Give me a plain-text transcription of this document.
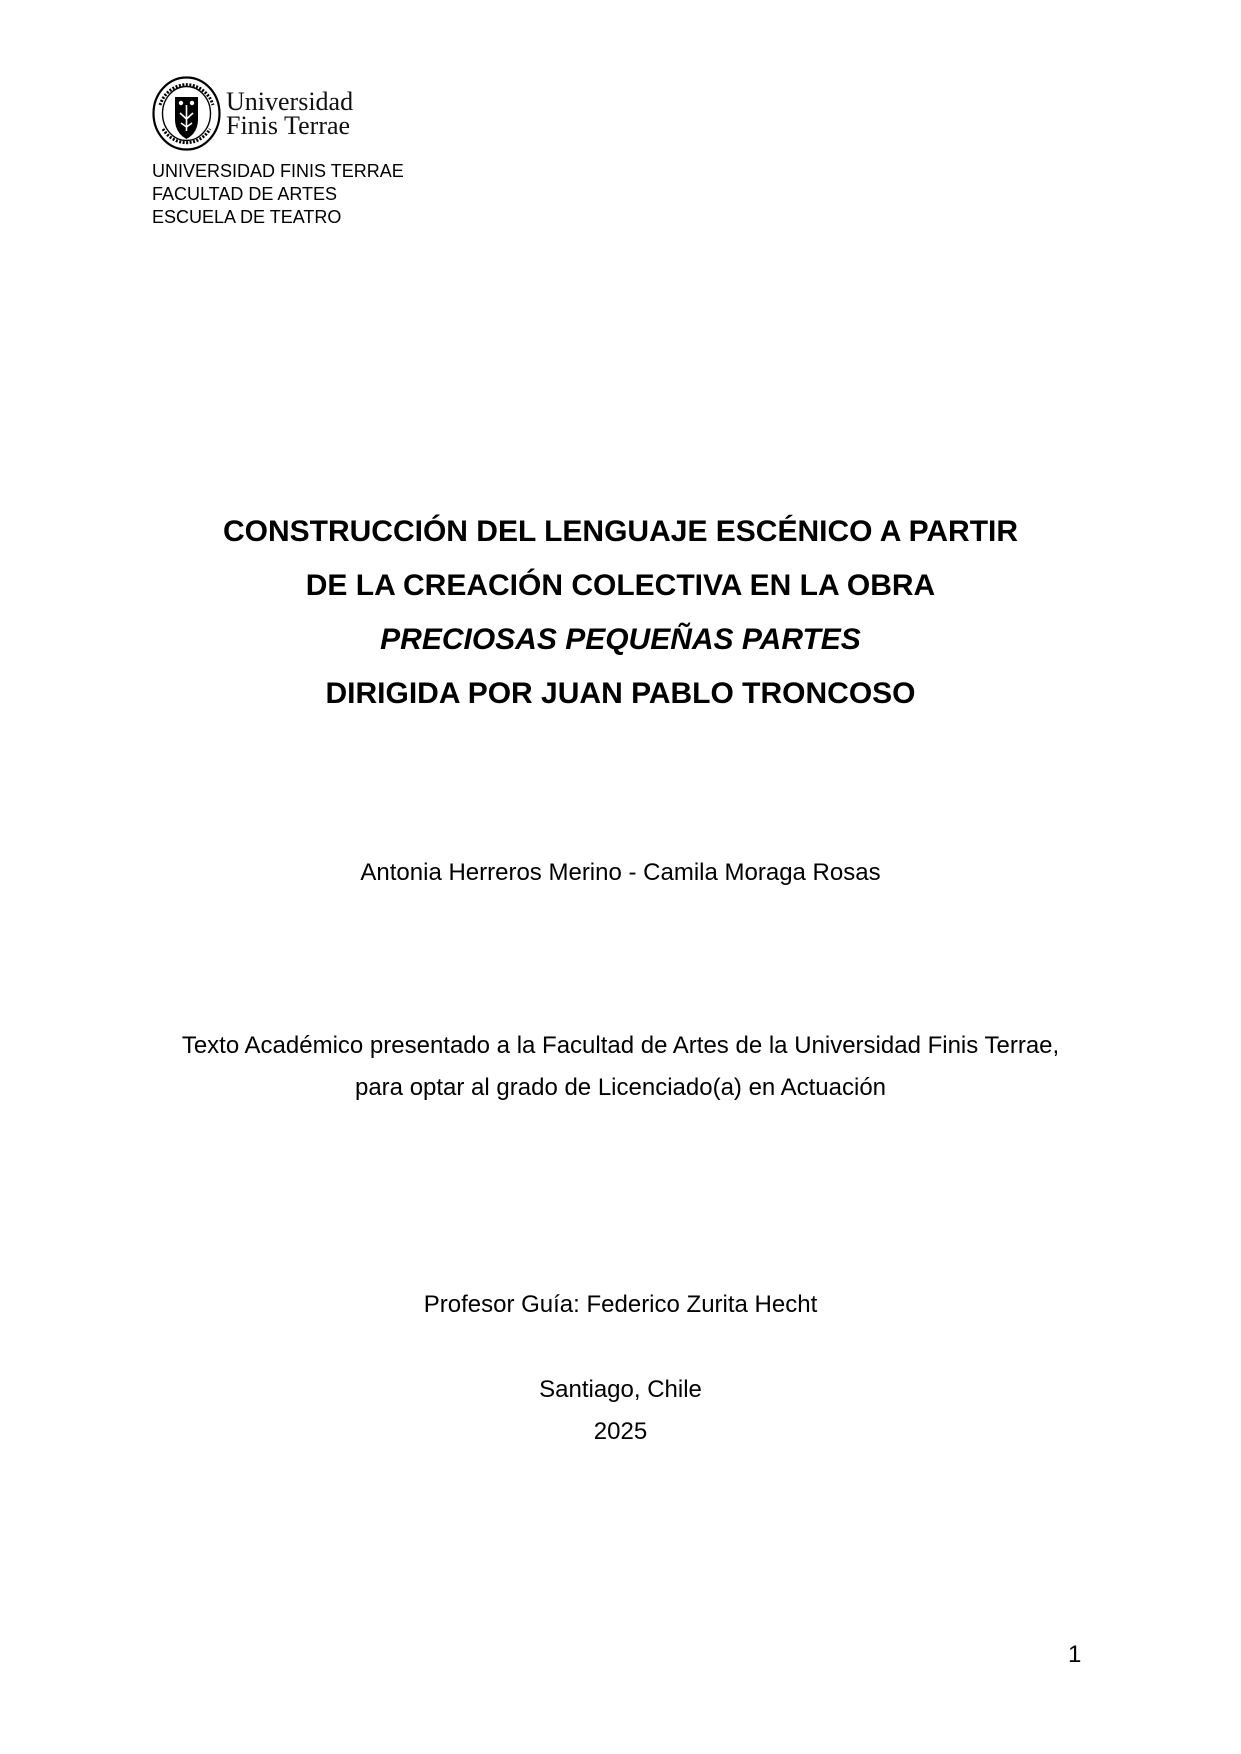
Universidad
Finis Terrae
UNIVERSIDAD FINIS TERRAE
FACULTAD DE ARTES
ESCUELA DE TEATRO
CONSTRUCCIÓN DEL LENGUAJE ESCÉNICO A PARTIR
DE LA CREACIÓN COLECTIVA EN LA OBRA
PRECIOSAS PEQUEÑAS PARTES
DIRIGIDA POR JUAN PABLO TRONCOSO
Antonia Herreros Merino - Camila Moraga Rosas
Texto Académico presentado a la Facultad de Artes de la Universidad Finis Terrae,
para optar al grado de Licenciado(a) en Actuación
Profesor Guía: Federico Zurita Hecht
Santiago, Chile
2025
1
